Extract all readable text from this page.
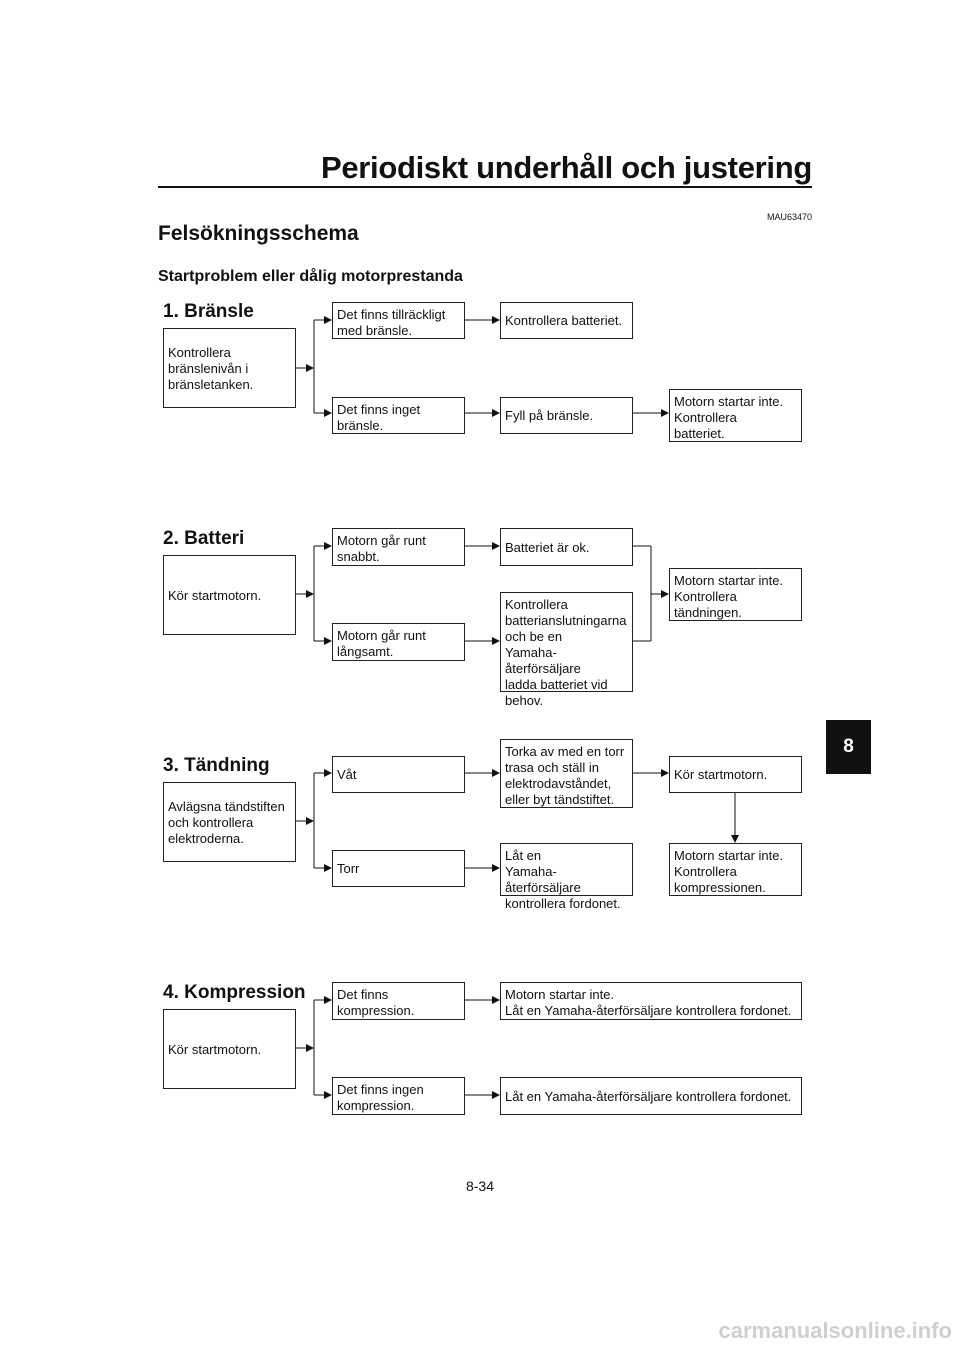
Periodiskt underhåll och justering
MAU63470
Felsökningsschema
Startproblem eller dålig motorprestanda
1. Bränsle
Kontrollera
bränslenivån i
bränsletanken.
Det finns tillräckligt
med bränsle.
Det finns inget
bränsle.
Kontrollera batteriet.
Fyll på bränsle.
Motorn startar inte.
Kontrollera
batteriet.
2. Batteri
Kör startmotorn.
Motorn går runt
snabbt.
Motorn går runt
långsamt.
Batteriet är ok.
Kontrollera
batterianslutningarna
och be en
Yamaha-återförsäljare
ladda batteriet vid
behov.
Motorn startar inte.
Kontrollera
tändningen.
3. Tändning
Avlägsna tändstiften
och kontrollera
elektroderna.
Våt
Torr
Torka av med en torr
trasa och ställ in
elektrodavståndet,
eller byt tändstiftet.
Låt en
Yamaha-återförsäljare
kontrollera fordonet.
Kör startmotorn.
Motorn startar inte.
Kontrollera
kompressionen.
4. Kompression
Kör startmotorn.
Det finns
kompression.
Det finns ingen
kompression.
Motorn startar inte.
Låt en Yamaha-återförsäljare kontrollera fordonet.
Låt en Yamaha-återförsäljare kontrollera fordonet.
8
8-34
carmanualsonline.info
